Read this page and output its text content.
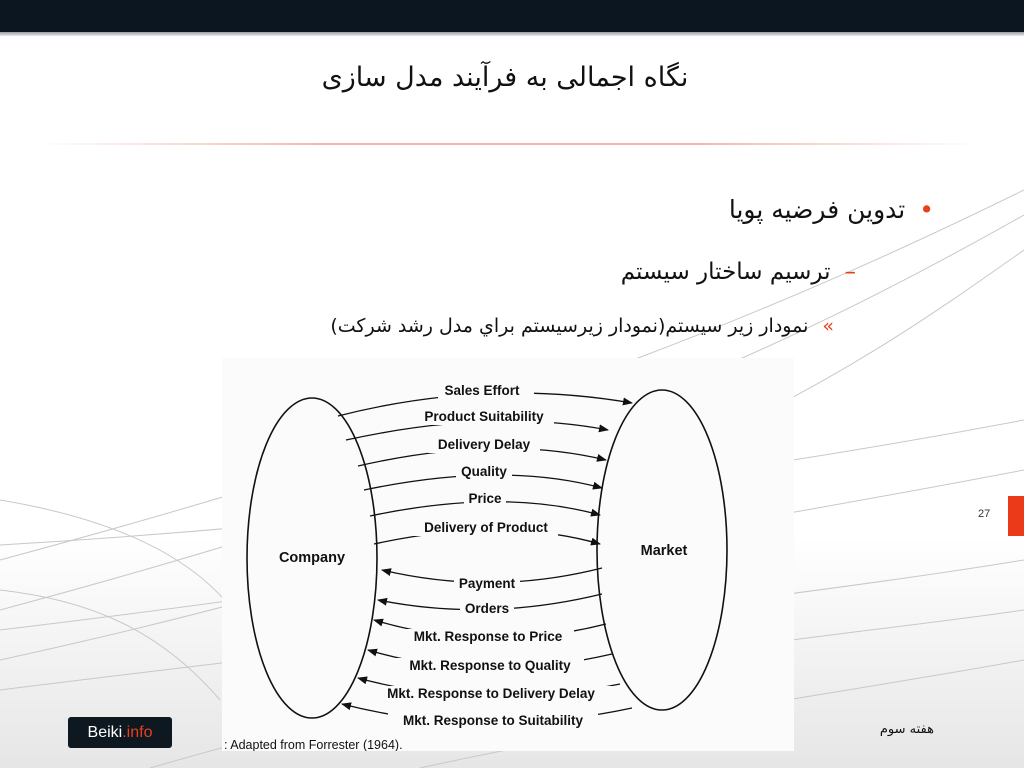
نگاه اجمالی به فرآیند مدل سازی
•تدوین فرضیه پویا
–ترسیم ساختار سیستم
»نمودار زیر سیستم(نمودار زيرسيستم براي مدل رشد شركت)
Company	Market
Sales Effort
Product Suitability
Delivery Delay
Quality
Price
Delivery of Product
Payment
Orders
Mkt. Response to Price
Mkt. Response to Quality
Mkt. Response to Delivery Delay
Mkt. Response to Suitability
: Adapted from Forrester (1964).
27
Beiki .info	هفته سوم
